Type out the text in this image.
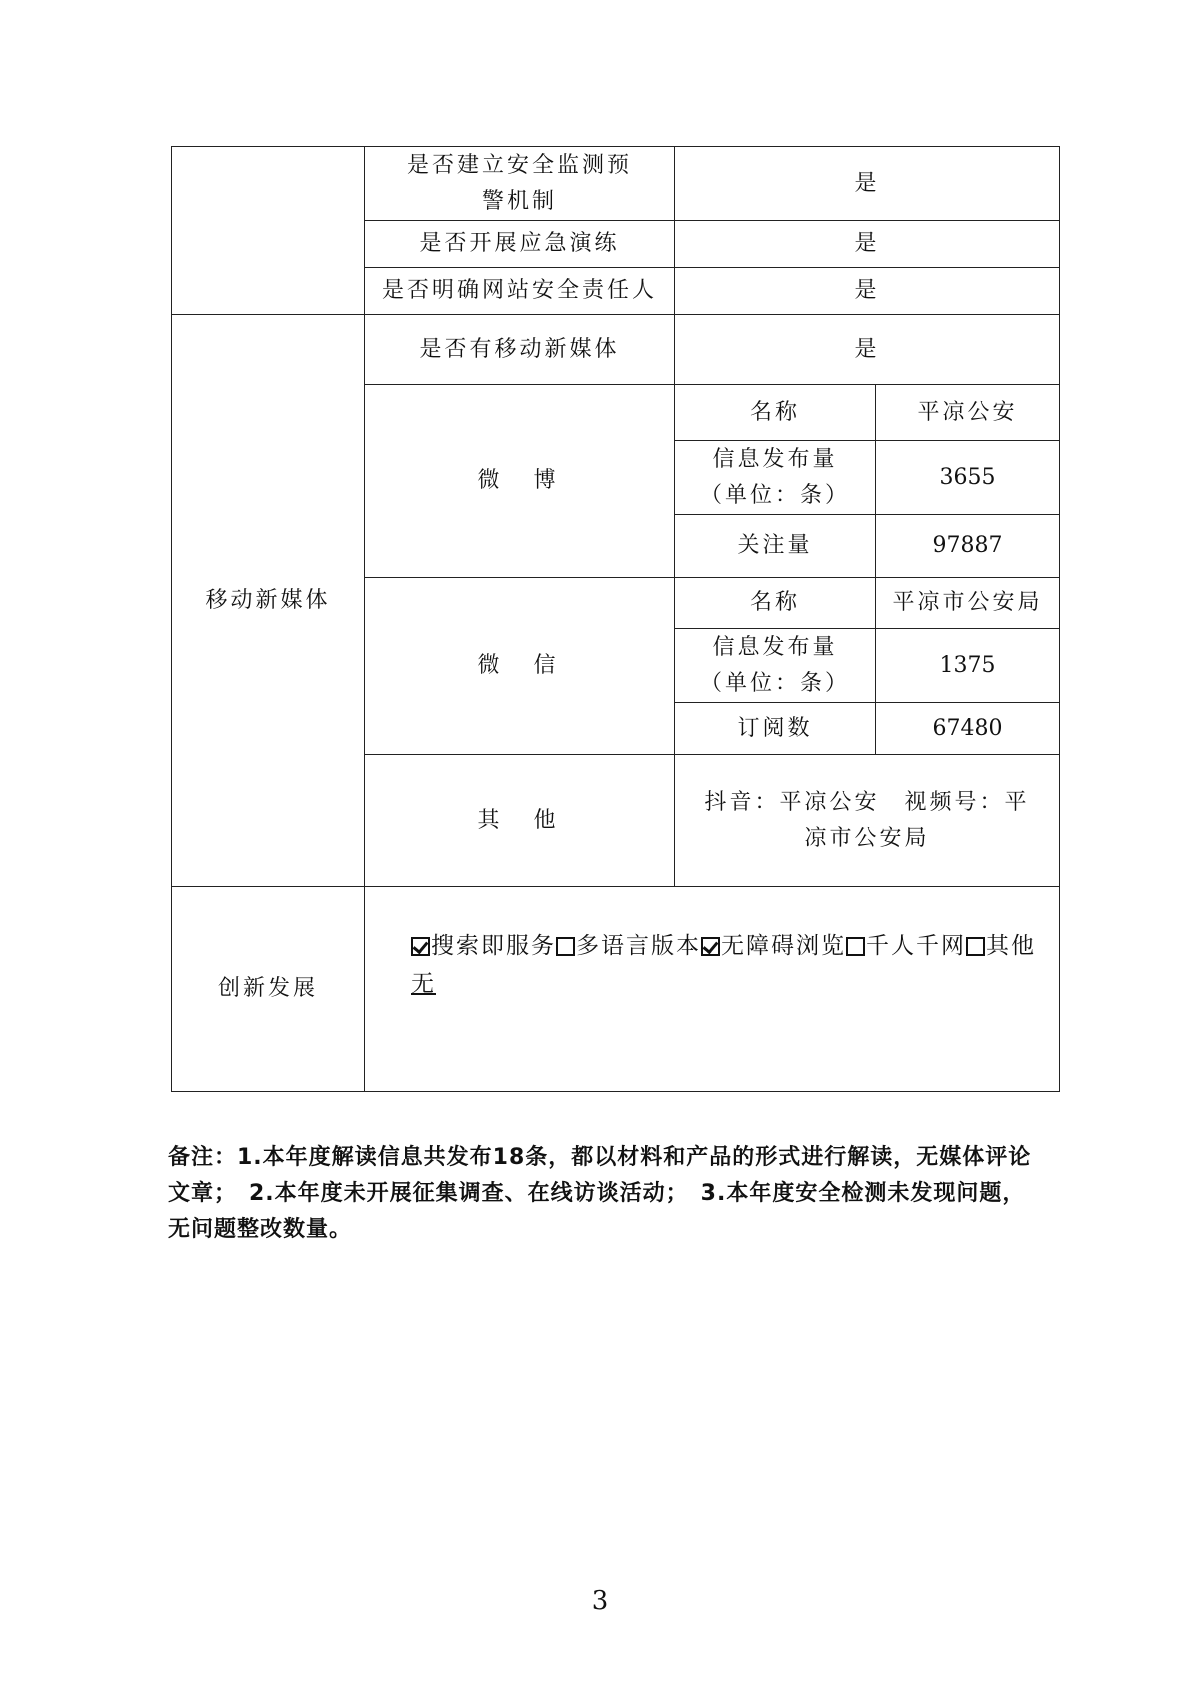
	是否建立安全监测预警机制	是	
	是否开展应急演练	是	
	是否明确网站安全责任人	是	
移动新媒体	是否有移动新媒体	是	
	微　博	名称	平凉公安
		信息发布量（单位：条）	3655
		关注量	97887
	微　信	名称	平凉市公安局
		信息发布量（单位：条）	1375
		订阅数	67480
	其　他	抖音：平凉公安　视频号：平凉市公安局	
创新发展	搜索即服务 多语言版本 无障碍浏览 千人千网 其他
无		
备注：1.本年度解读信息共发布18条，都以材料和产品的形式进行解读，无媒体评论文章；　2.本年度未开展征集调查、在线访谈活动；　3.本年度安全检测未发现问题，无问题整改数量。
3
